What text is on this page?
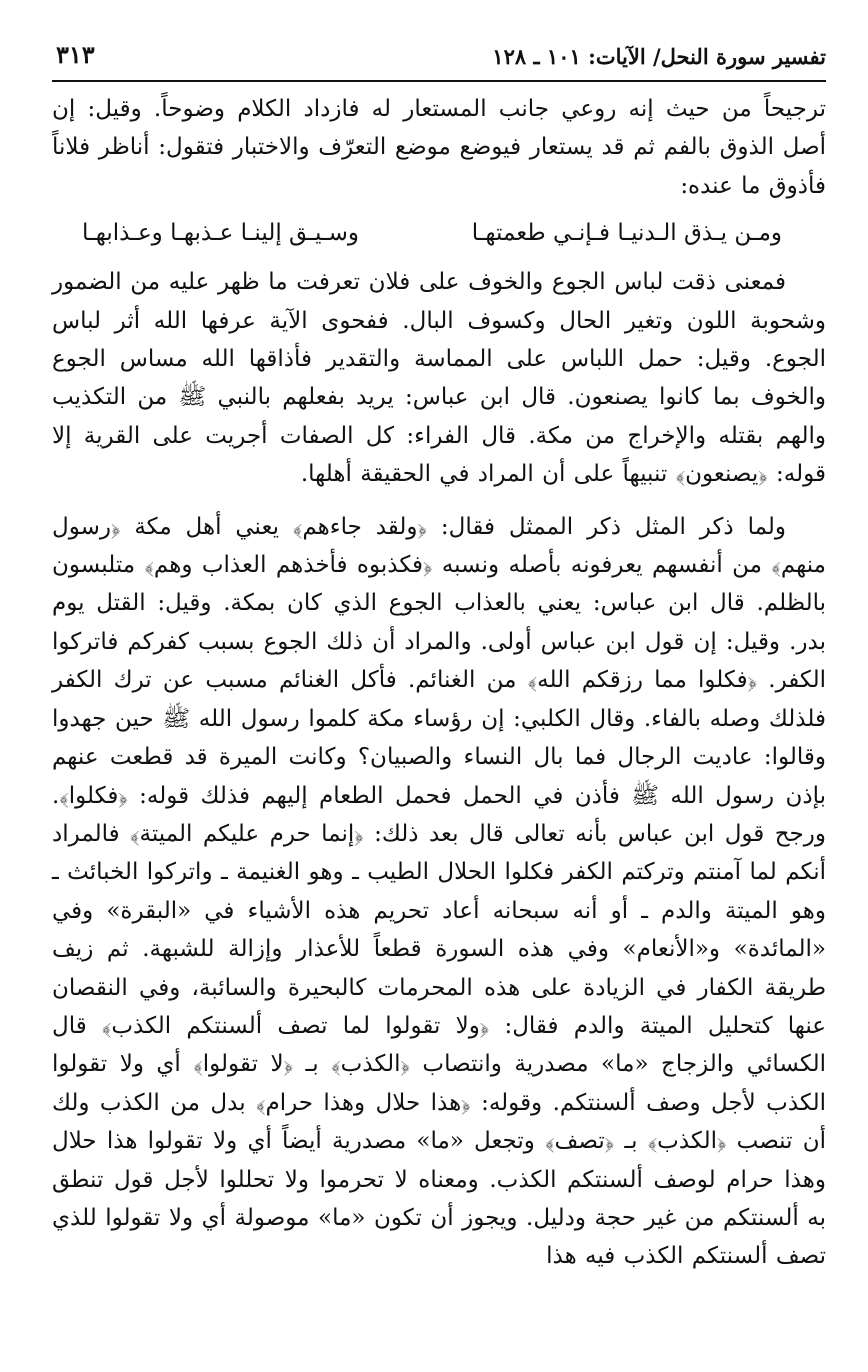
تفسير سورة النحل/ الآيات: ١٠١ ـ ١٢٨
٣١٣

ترجيحاً من حيث إنه روعي جانب المستعار له فازداد الكلام وضوحاً. وقيل: إن أصل الذوق بالفم ثم قد يستعار فيوضع موضع التعرّف والاختبار فتقول: أناظر فلاناً فأذوق ما عنده:

ومـن يـذق الـدنيـا فـإنـي طعمتهـا
وسـيـق إلينـا عـذبهـا وعـذابهـا

فمعنى ذقت لباس الجوع والخوف على فلان تعرفت ما ظهر عليه من الضمور وشحوبة اللون وتغير الحال وكسوف البال. ففحوى الآية عرفها الله أثر لباس الجوع. وقيل: حمل اللباس على المماسة والتقدير فأذاقها الله مساس الجوع والخوف بما كانوا يصنعون. قال ابن عباس: يريد بفعلهم بالنبي ﷺ من التكذيب والهم بقتله والإخراج من مكة. قال الفراء: كل الصفات أجريت على القرية إلا قوله: ﴿يصنعون﴾ تنبيهاً على أن المراد في الحقيقة أهلها.

ولما ذكر المثل ذكر الممثل فقال: ﴿ولقد جاءهم﴾ يعني أهل مكة ﴿رسول منهم﴾ من أنفسهم يعرفونه بأصله ونسبه ﴿فكذبوه فأخذهم العذاب وهم﴾ متلبسون بالظلم. قال ابن عباس: يعني بالعذاب الجوع الذي كان بمكة. وقيل: القتل يوم بدر. وقيل: إن قول ابن عباس أولى. والمراد أن ذلك الجوع بسبب كفركم فاتركوا الكفر. ﴿فكلوا مما رزقكم الله﴾ من الغنائم. فأكل الغنائم مسبب عن ترك الكفر فلذلك وصله بالفاء. وقال الكلبي: إن رؤساء مكة كلموا رسول الله ﷺ حين جهدوا وقالوا: عاديت الرجال فما بال النساء والصبيان؟ وكانت الميرة قد قطعت عنهم بإذن رسول الله ﷺ فأذن في الحمل فحمل الطعام إليهم فذلك قوله: ﴿فكلوا﴾. ورجح قول ابن عباس بأنه تعالى قال بعد ذلك: ﴿إنما حرم عليكم الميتة﴾ فالمراد أنكم لما آمنتم وتركتم الكفر فكلوا الحلال الطيب ـ وهو الغنيمة ـ واتركوا الخبائث ـ وهو الميتة والدم ـ أو أنه سبحانه أعاد تحريم هذه الأشياء في «البقرة» وفي «المائدة» و«الأنعام» وفي هذه السورة قطعاً للأعذار وإزالة للشبهة. ثم زيف طريقة الكفار في الزيادة على هذه المحرمات كالبحيرة والسائبة، وفي النقصان عنها كتحليل الميتة والدم فقال: ﴿ولا تقولوا لما تصف ألسنتكم الكذب﴾ قال الكسائي والزجاج «ما» مصدرية وانتصاب ﴿الكذب﴾ بـ ﴿لا تقولوا﴾ أي ولا تقولوا الكذب لأجل وصف ألسنتكم. وقوله: ﴿هذا حلال وهذا حرام﴾ بدل من الكذب ولك أن تنصب ﴿الكذب﴾ بـ ﴿تصف﴾ وتجعل «ما» مصدرية أيضاً أي ولا تقولوا هذا حلال وهذا حرام لوصف ألسنتكم الكذب. ومعناه لا تحرموا ولا تحللوا لأجل قول تنطق به ألسنتكم من غير حجة ودليل. ويجوز أن تكون «ما» موصولة أي ولا تقولوا للذي تصف ألسنتكم الكذب فيه هذا
